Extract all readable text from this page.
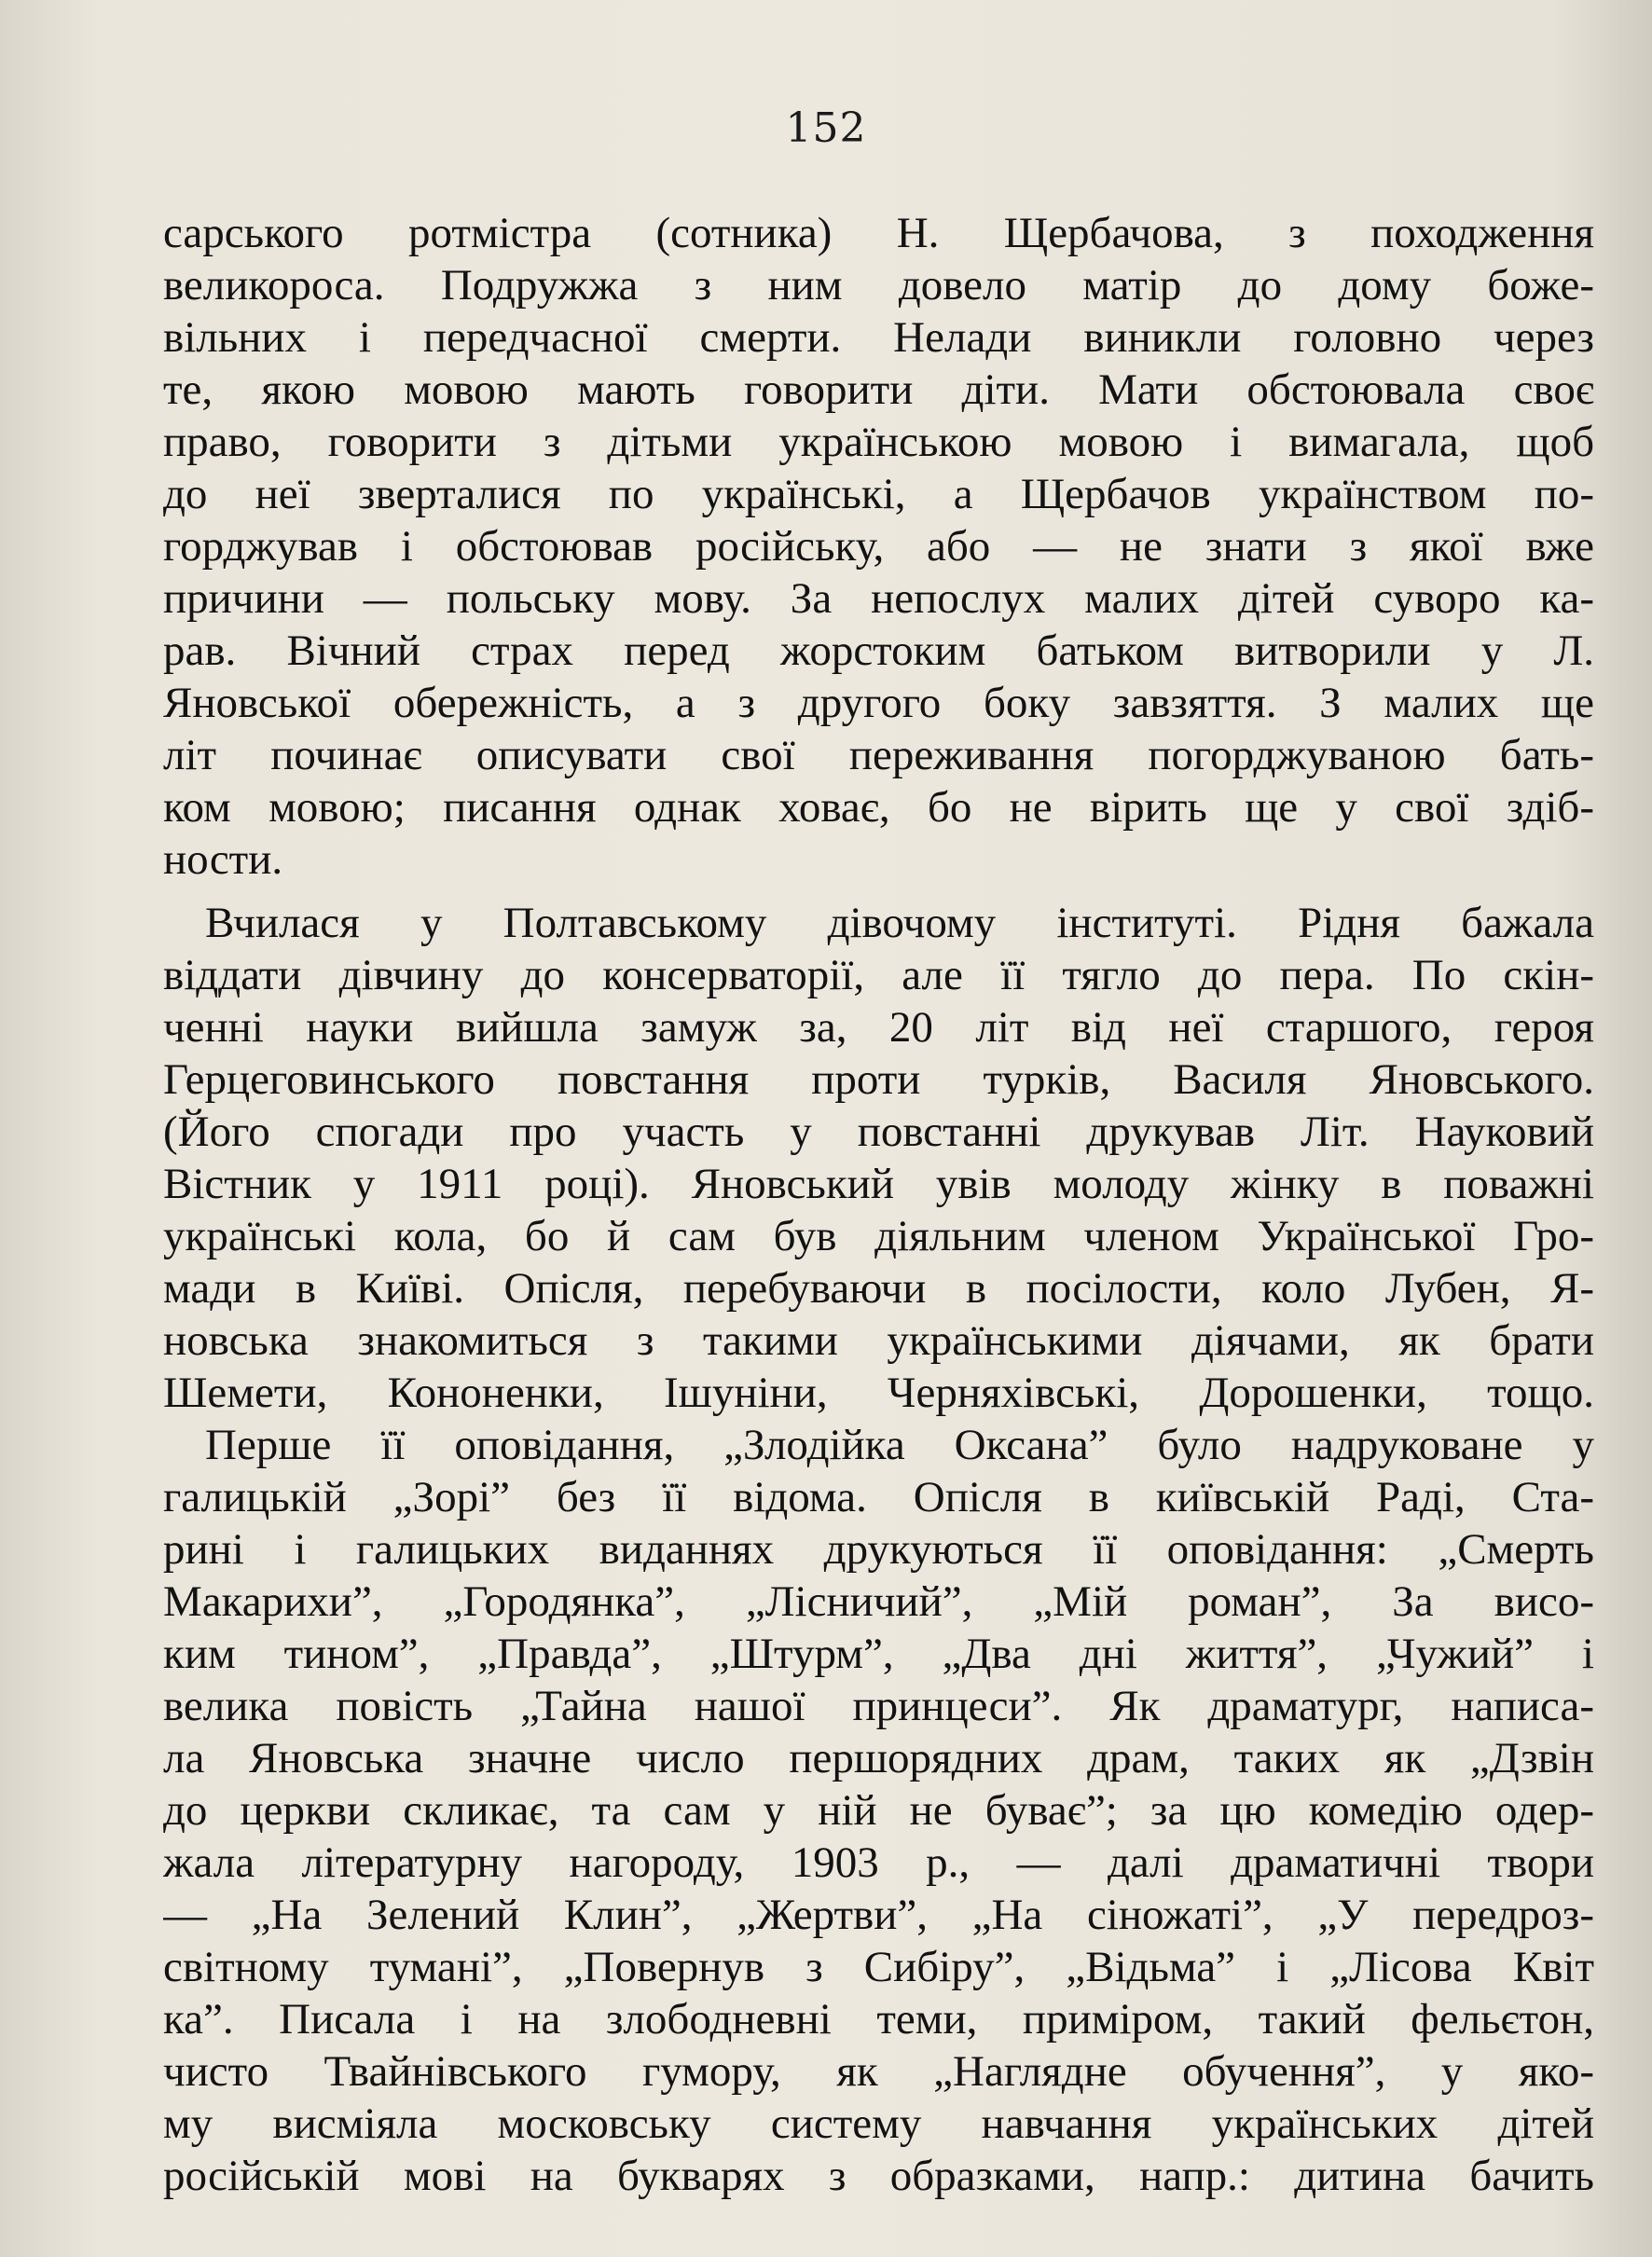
152
сарського ротмістра (сотника) Н. Щербачова, з походження
великороса. Подружжа з ним довело матір до дому боже-
вільних і передчасної смерти. Нелади виникли головно через
те, якою мовою мають говорити діти. Мати обстоювала своє
право, говорити з дітьми українською мовою і вимагала, щоб
до неї зверталися по українські, а Щербачов українством по-
горджував і обстоював російську, або — не знати з якої вже
причини — польську мову. За непослух малих дітей суворо ка-
рав. Вічний страх перед жорстоким батьком витворили у Л.
Яновської обережність, а з другого боку завзяття. З малих ще
літ починає описувати свої переживання погорджуваною бать-
ком мовою; писання однак ховає, бо не вірить ще у свої здіб-
ности.
Вчилася у Полтавському дівочому інституті. Рідня бажала
віддати дівчину до консерваторії, але її тягло до пера. По скін-
ченні науки вийшла замуж за, 20 літ від неї старшого, героя
Герцеговинського повстання проти турків, Василя Яновського.
(Його спогади про участь у повстанні друкував Літ. Науковий
Вістник у 1911 році). Яновський увів молоду жінку в поважні
українські кола, бо й сам був діяльним членом Української Гро-
мади в Київі. Опісля, перебуваючи в посілости, коло Лубен, Я-
новська знакомиться з такими українськими діячами, як брати
Шемети, Кононенки, Ішуніни, Черняхівські, Дорошенки, тощо.
Перше її оповідання, „Злодійка Оксана” було надруковане у
галицькій „Зорі” без її відома. Опісля в київській Раді, Ста-
рині і галицьких виданнях друкуються її оповідання: „Смерть
Макарихи”, „Городянка”, „Лісничий”, „Мій роман”, За висо-
ким тином”, „Правда”, „Штурм”, „Два дні життя”, „Чужий” і
велика повість „Тайна нашої принцеси”. Як драматург, написа-
ла Яновська значне число першорядних драм, таких як „Дзвін
до церкви скликає, та сам у ній не буває”; за цю комедію одер-
жала літературну нагороду, 1903 р., — далі драматичні твори
— „На Зелений Клин”, „Жертви”, „На сіножаті”, „У передроз-
світному тумані”, „Повернув з Сибіру”, „Відьма” і „Лісова Квіт
ка”. Писала і на злободневні теми, приміром, такий фельєтон,
чисто Твайнівського гумору, як „Наглядне обучення”, у яко-
му висміяла московську систему навчання українських дітей
російській мові на букварях з образками, напр.: дитина бачить
